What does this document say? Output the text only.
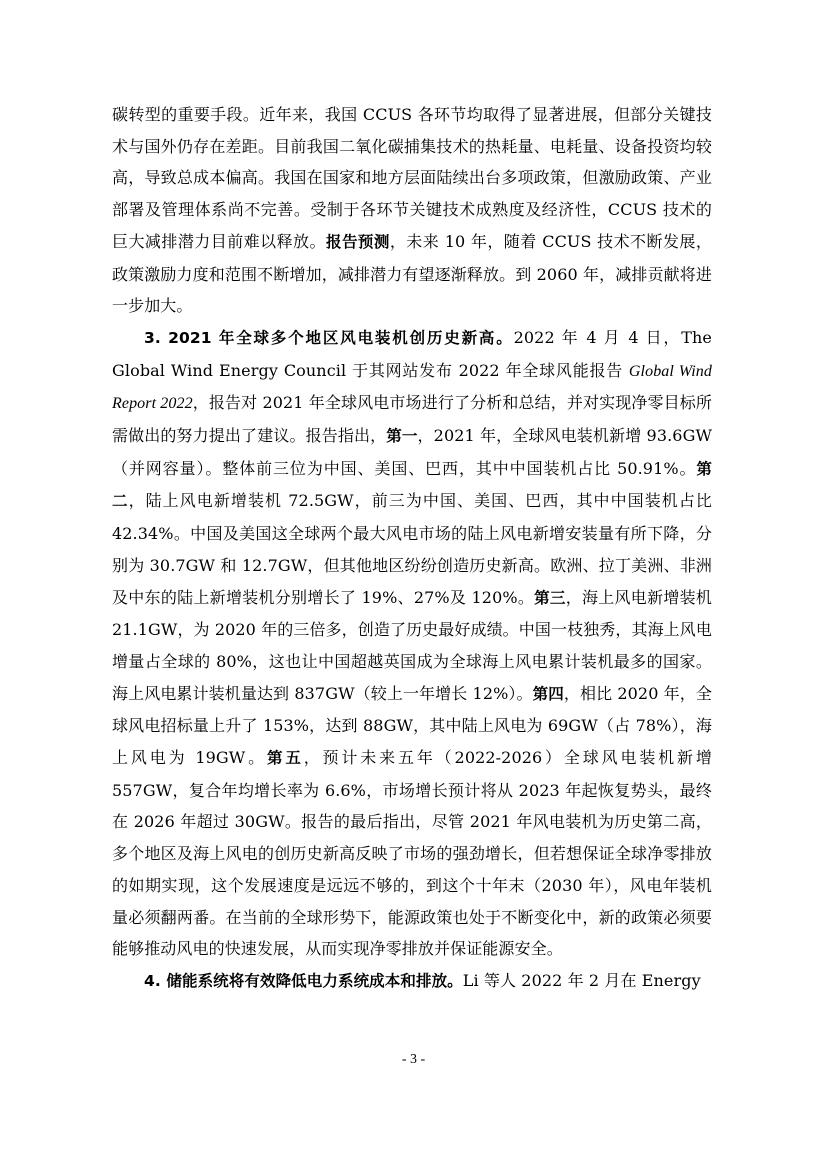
碳转型的重要手段。近年来，我国 CCUS 各环节均取得了显著进展，但部分关键技术与国外仍存在差距。目前我国二氧化碳捕集技术的热耗量、电耗量、设备投资均较高，导致总成本偏高。我国在国家和地方层面陆续出台多项政策，但激励政策、产业部署及管理体系尚不完善。受制于各环节关键技术成熟度及经济性，CCUS 技术的巨大减排潜力目前难以释放。报告预测，未来 10 年，随着 CCUS 技术不断发展，政策激励力度和范围不断增加，减排潜力有望逐渐释放。到 2060 年，减排贡献将进一步加大。

3. 2021 年全球多个地区风电装机创历史新高。2022 年 4 月 4 日，The Global Wind Energy Council 于其网站发布 2022 年全球风能报告 Global Wind Report 2022，报告对 2021 年全球风电市场进行了分析和总结，并对实现净零目标所需做出的努力提出了建议。报告指出，第一，2021 年，全球风电装机新增 93.6GW（并网容量）。整体前三位为中国、美国、巴西，其中中国装机占比 50.91%。第二，陆上风电新增装机 72.5GW，前三为中国、美国、巴西，其中中国装机占比 42.34%。中国及美国这全球两个最大风电市场的陆上风电新增安装量有所下降，分别为 30.7GW 和 12.7GW，但其他地区纷纷创造历史新高。欧洲、拉丁美洲、非洲及中东的陆上新增装机分别增长了 19%、27%及 120%。第三，海上风电新增装机 21.1GW，为 2020 年的三倍多，创造了历史最好成绩。中国一枝独秀，其海上风电增量占全球的 80%，这也让中国超越英国成为全球海上风电累计装机最多的国家。海上风电累计装机量达到 837GW（较上一年增长 12%）。第四，相比 2020 年，全球风电招标量上升了 153%，达到 88GW，其中陆上风电为 69GW（占 78%），海上风电为 19GW。第五，预计未来五年（2022-2026）全球风电装机新增 557GW，复合年均增长率为 6.6%，市场增长预计将从 2023 年起恢复势头，最终在 2026 年超过 30GW。报告的最后指出，尽管 2021 年风电装机为历史第二高，多个地区及海上风电的创历史新高反映了市场的强劲增长，但若想保证全球净零排放的如期实现，这个发展速度是远远不够的，到这个十年末（2030 年），风电年装机量必须翻两番。在当前的全球形势下，能源政策也处于不断变化中，新的政策必须要能够推动风电的快速发展，从而实现净零排放并保证能源安全。

4. 储能系统将有效降低电力系统成本和排放。Li 等人 2022 年 2 月在 Energy

- 3 -
